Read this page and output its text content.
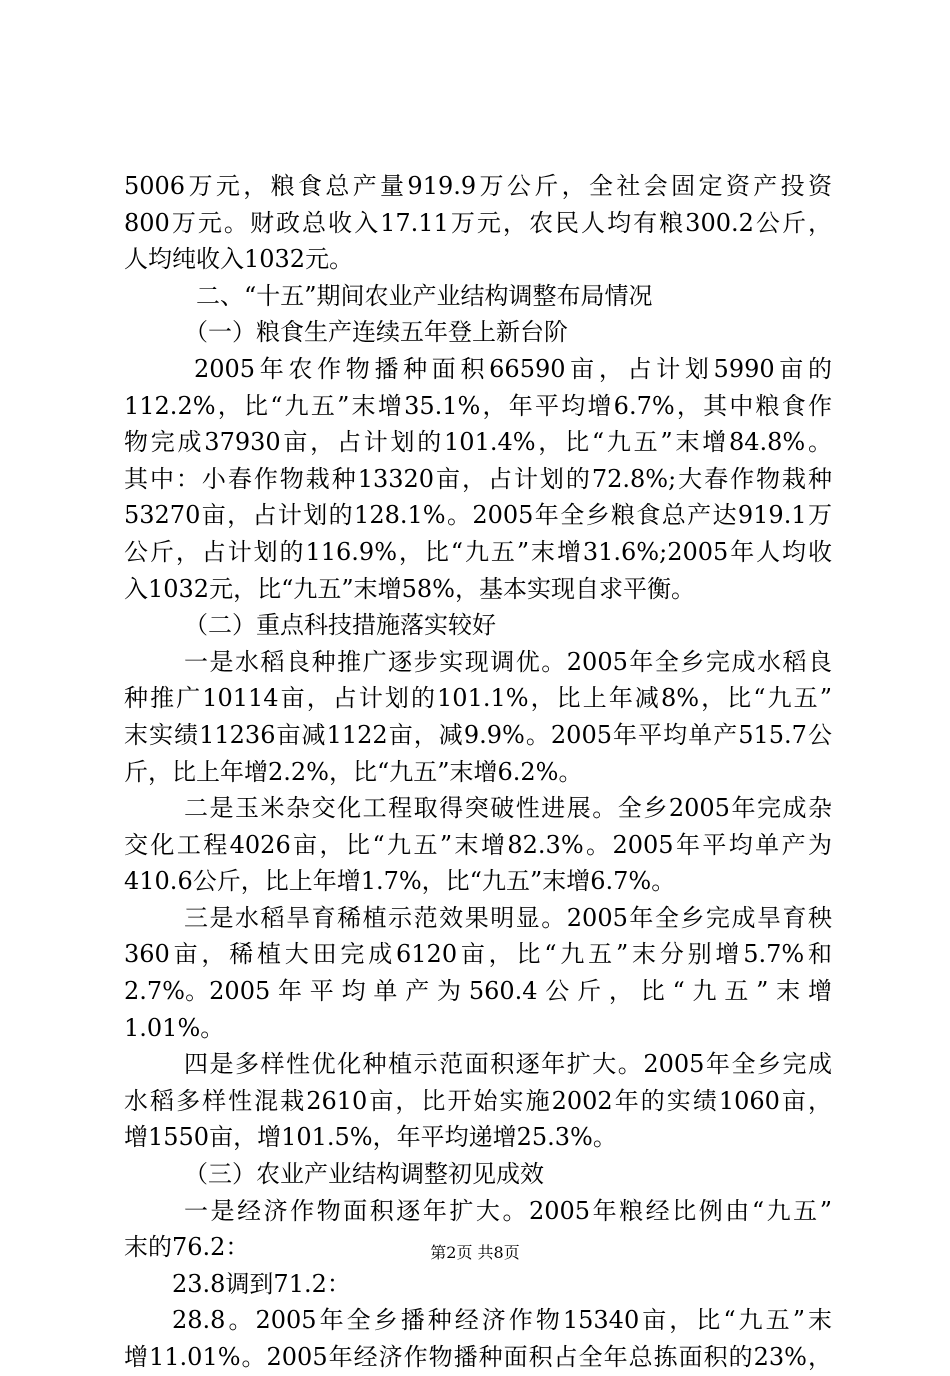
5006万元，粮食总产量919.9万公斤，全社会固定资产投资
800万元。财政总收入17.11万元，农民人均有粮300.2公斤，
人均纯收入1032元。
二、“十五”期间农业产业结构调整布局情况
（一）粮食生产连续五年登上新台阶
2005年农作物播种面积66590亩，占计划5990亩的
112.2%，比“九五”末增35.1%，年平均增6.7%，其中粮食作
物完成37930亩，占计划的101.4%，比“九五”末增84.8%。
其中：小春作物栽种13320亩，占计划的72.8%;大春作物栽种
53270亩，占计划的128.1%。2005年全乡粮食总产达919.1万
公斤，占计划的116.9%，比“九五”末增31.6%;2005年人均收
入1032元，比“九五”末增58%，基本实现自求平衡。
（二）重点科技措施落实较好
一是水稻良种推广逐步实现调优。2005年全乡完成水稻良
种推广10114亩，占计划的101.1%，比上年减8%，比“九五”
末实绩11236亩减1122亩，减9.9%。2005年平均单产515.7公
斤，比上年增2.2%，比“九五”末增6.2%。
二是玉米杂交化工程取得突破性进展。全乡2005年完成杂
交化工程4026亩，比“九五”末增82.3%。2005年平均单产为
410.6公斤，比上年增1.7%，比“九五”末增6.7%。
三是水稻旱育稀植示范效果明显。2005年全乡完成旱育秧
360亩，稀植大田完成6120亩，比“九五”末分别增5.7%和
2.7%。2005 年 平 均 单 产 为 560.4 公 斤 ， 比 “ 九 五 ” 末 增
1.01%。
四是多样性优化种植示范面积逐年扩大。2005年全乡完成
水稻多样性混栽2610亩，比开始实施2002年的实绩1060亩，
增1550亩，增101.5%，年平均递增25.3%。
（三）农业产业结构调整初见成效
一是经济作物面积逐年扩大。2005年粮经比例由“九五”
末的76.2：
23.8调到71.2：
28.8。2005年全乡播种经济作物15340亩，比“九五”末
增11.01%。2005年经济作物播种面积占全年总拣面积的23%，
第2页 共8页
